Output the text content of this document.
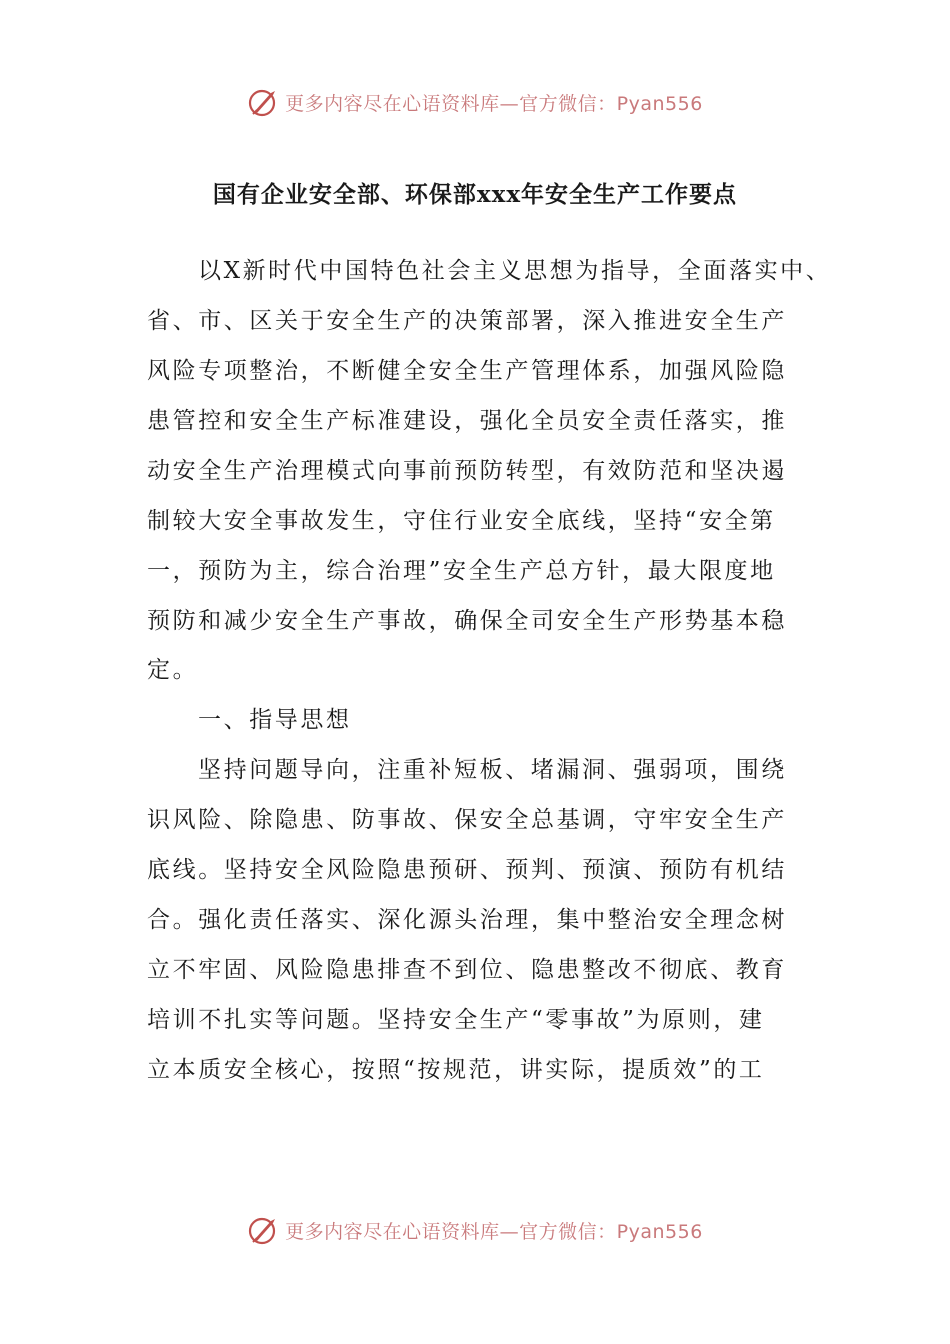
更多内容尽在心语资料库—官方微信：Pyan556
国有企业安全部、环保部xxx年安全生产工作要点
以X新时代中国特色社会主义思想为指导，全面落实中、
省、市、区关于安全生产的决策部署，深入推进安全生产
风险专项整治，不断健全安全生产管理体系，加强风险隐
患管控和安全生产标准建设，强化全员安全责任落实，推
动安全生产治理模式向事前预防转型，有效防范和坚决遏
制较大安全事故发生，守住行业安全底线，坚持“安全第
一，预防为主，综合治理”安全生产总方针，最大限度地
预防和减少安全生产事故，确保全司安全生产形势基本稳
定。
一、指导思想
坚持问题导向，注重补短板、堵漏洞、强弱项，围绕
识风险、除隐患、防事故、保安全总基调，守牢安全生产
底线。坚持安全风险隐患预研、预判、预演、预防有机结
合。强化责任落实、深化源头治理，集中整治安全理念树
立不牢固、风险隐患排查不到位、隐患整改不彻底、教育
培训不扎实等问题。坚持安全生产“零事故”为原则，建
立本质安全核心，按照“按规范，讲实际，提质效”的工
更多内容尽在心语资料库—官方微信：Pyan556
